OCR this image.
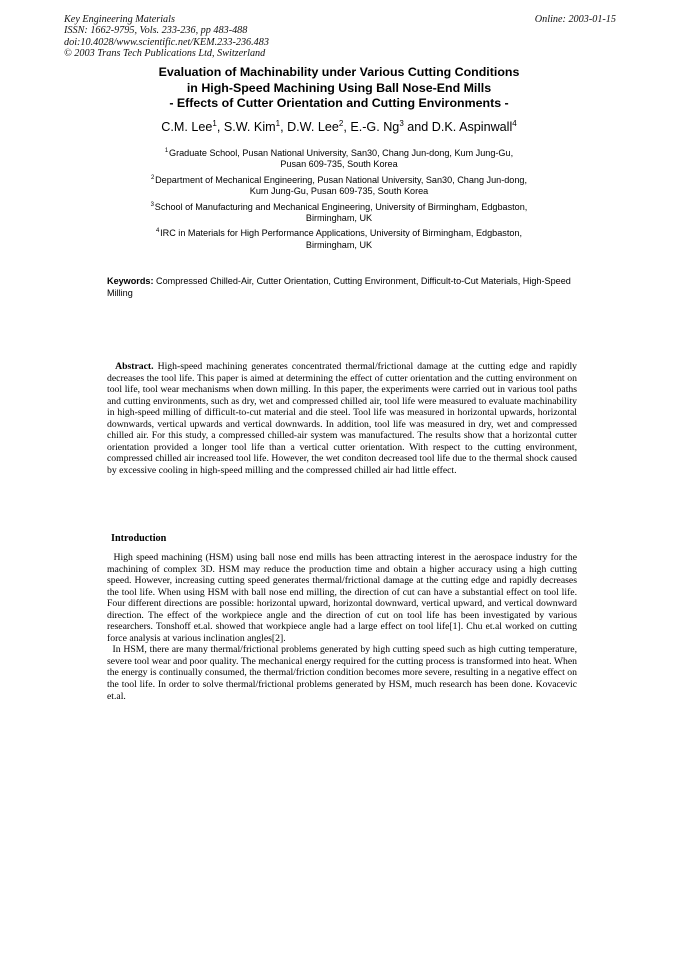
Key Engineering Materials	Online: 2003-01-15
ISSN: 1662-9795, Vols. 233-236, pp 483-488
doi:10.4028/www.scientific.net/KEM.233-236.483
© 2003 Trans Tech Publications Ltd, Switzerland
Evaluation of Machinability under Various Cutting Conditions
in High-Speed Machining Using Ball Nose-End Mills
- Effects of Cutter Orientation and Cutting Environments -
C.M. Lee$^1$, S.W. Kim$^1$, D.W. Lee$^2$, E.-G. Ng$^3$ and D.K. Aspinwall$^4$
$^1$ Graduate School, Pusan National University, San30, Chang Jun-dong, Kum Jung-Gu,
Pusan 609-735, South Korea
$^2$ Department of Mechanical Engineering, Pusan National University, San30, Chang Jun-dong,
Kum Jung-Gu, Pusan 609-735, South Korea
$^3$ School of Manufacturing and Mechanical Engineering, University of Birmingham, Edgbaston,
Birmingham, UK
$^4$ IRC in Materials for High Performance Applications, University of Birmingham, Edgbaston,
Birmingham, UK
Keywords: Compressed Chilled-Air, Cutter Orientation, Cutting Environment, Difficult-to-Cut Materials, High-Speed Milling
Abstract. High-speed machining generates concentrated thermal/frictional damage at the cutting edge and rapidly decreases the tool life. This paper is aimed at determining the effect of cutter orientation and the cutting environment on tool life, tool wear mechanisms when down milling. In this paper, the experiments were carried out in various tool paths and cutting environments, such as dry, wet and compressed chilled air, tool life were measured to evaluate machinability in high-speed milling of difficult-to-cut material and die steel. Tool life was measured in horizontal upwards, horizontal downwards, vertical upwards and vertical downwards. In addition, tool life was measured in dry, wet and compressed chilled air. For this study, a compressed chilled-air system was manufactured. The results show that a horizontal cutter orientation provided a longer tool life than a vertical cutter orientation. With respect to the cutting environment, compressed chilled air increased tool life. However, the wet conditon decreased tool life due to the thermal shock caused by excessive cooling in high-speed milling and the compressed chilled air had little effect.
Introduction

High speed machining (HSM) using ball nose end mills has been attracting interest in the aerospace industry for the machining of complex 3D. HSM may reduce the production time and obtain a higher accuracy using a high cutting speed. However, increasing cutting speed generates thermal/frictional damage at the cutting edge and rapidly decreases the tool life. When using HSM with ball nose end milling, the direction of cut can have a substantial effect on tool life. Four different directions are possible: horizontal upward, horizontal downward, vertical upward, and vertical downward direction. The effect of the workpiece angle and the direction of cut on tool life has been investigated by various researchers. Tonshoff et.al. showed that workpiece angle had a large effect on tool life[1]. Chu et.al worked on cutting force analysis at various inclination angles[2].

In HSM, there are many thermal/frictional problems generated by high cutting speed such as high cutting temperature, severe tool wear and poor quality. The mechanical energy required for the cutting process is transformed into heat. When the energy is continually consumed, the thermal/friction condition becomes more severe, resulting in a negative effect on the tool life. In order to solve thermal/frictional problems generated by HSM, much research has been done. Kovacevic et.al.
